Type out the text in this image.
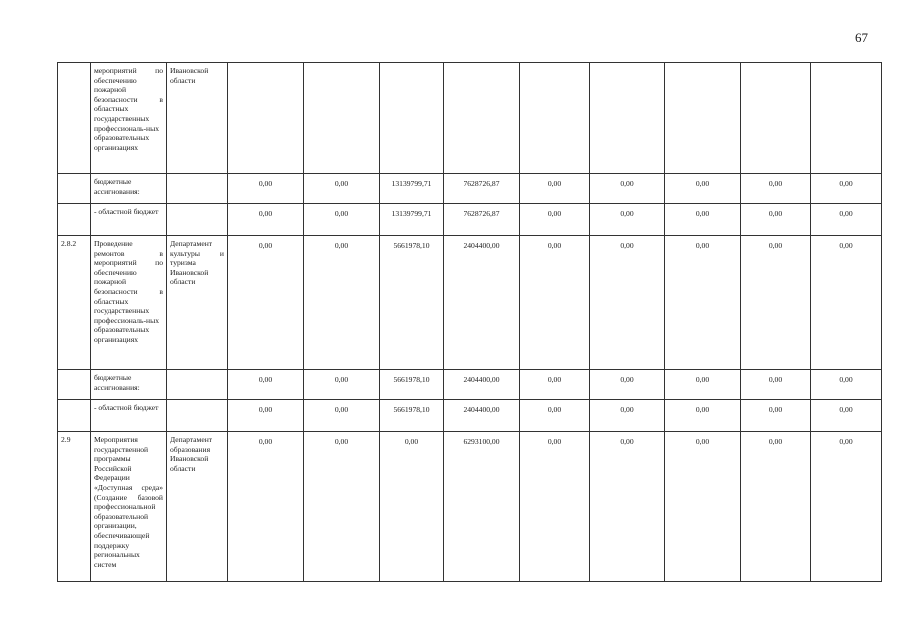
67
	мероприятий по обеспечению пожарной безопасности в областных государственных профессиональ-ных образовательных организациях	Ивановской области									
	бюджетные ассигнования:		0,00	0,00	13139799,71	7628726,87	0,00	0,00	0,00	0,00	0,00
	- областной бюджет		0,00	0,00	13139799,71	7628726,87	0,00	0,00	0,00	0,00	0,00
2.8.2	Проведение ремонтов в мероприятий по обеспечению пожарной безопасности в областных государственных профессиональ-ных образовательных организациях	Департамент культуры и туризма Ивановской области	0,00	0,00	5661978,10	2404400,00	0,00	0,00	0,00	0,00	0,00
	бюджетные ассигнования:		0,00	0,00	5661978,10	2404400,00	0,00	0,00	0,00	0,00	0,00
	- областной бюджет		0,00	0,00	5661978,10	2404400,00	0,00	0,00	0,00	0,00	0,00
2.9	Мероприятия государственной программы Российской Федерации «Доступная среда» (Создание базовой профессиональной образовательной организации, обеспечивающей поддержку региональных систем	Департамент образования Ивановской области	0,00	0,00	0,00	6293100,00	0,00	0,00	0,00	0,00	0,00
